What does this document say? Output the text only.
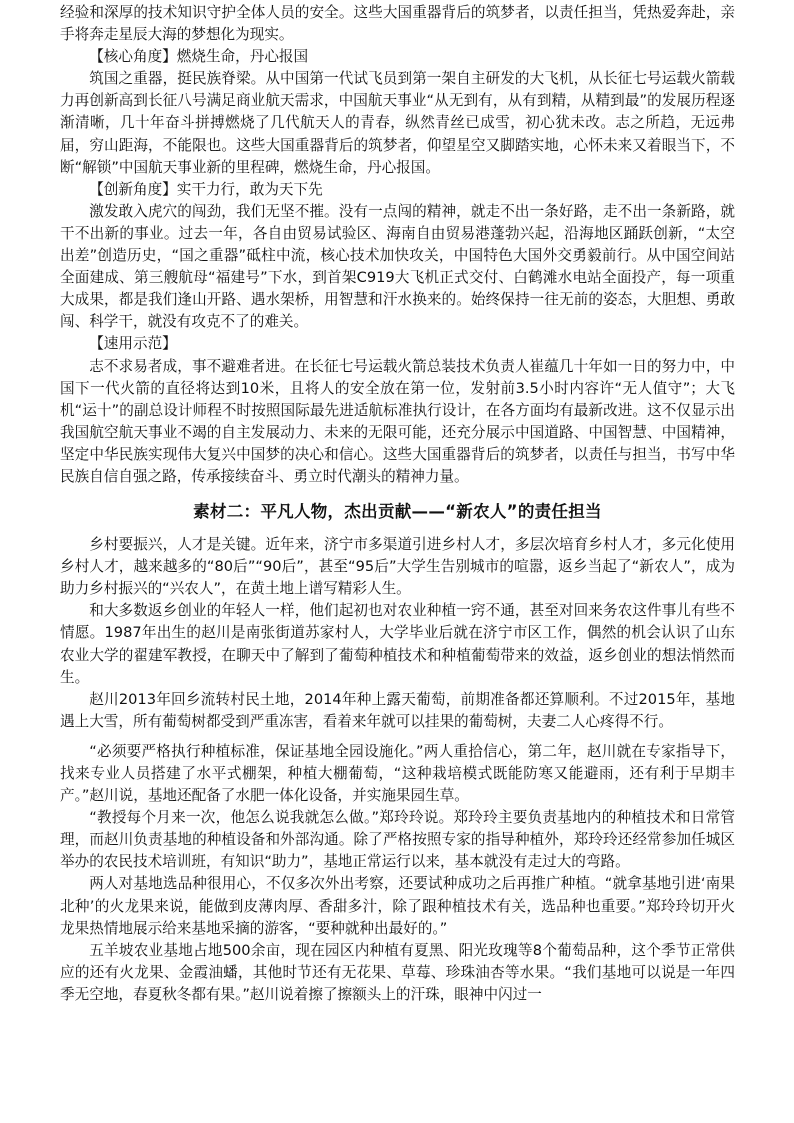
经验和深厚的技术知识守护全体人员的安全。这些大国重器背后的筑梦者，以责任担当，凭热爱奔赴，亲手将奔走星辰大海的梦想化为现实。

【核心角度】燃烧生命，丹心报国

筑国之重器，挺民族脊梁。从中国第一代试飞员到第一架自主研发的大飞机，从长征七号运载火箭载力再创新高到长征八号满足商业航天需求，中国航天事业“从无到有，从有到精，从精到最”的发展历程逐渐清晰，几十年奋斗拼搏燃烧了几代航天人的青春，纵然青丝已成雪，初心犹未改。志之所趋，无远弗届，穷山距海，不能限也。这些大国重器背后的筑梦者，仰望星空又脚踏实地，心怀未来又着眼当下，不断“解锁”中国航天事业新的里程碑，燃烧生命，丹心报国。

【创新角度】实干力行，敢为天下先

激发敢入虎穴的闯劲，我们无坚不摧。没有一点闯的精神，就走不出一条好路，走不出一条新路，就干不出新的事业。过去一年，各自由贸易试验区、海南自由贸易港蓬勃兴起，沿海地区踊跃创新，“太空出差”创造历史，“国之重器”砥柱中流，核心技术加快攻关，中国特色大国外交勇毅前行。从中国空间站全面建成、第三艘航母“福建号”下水，到首架C919大飞机正式交付、白鹤滩水电站全面投产，每一项重大成果，都是我们逢山开路、遇水架桥，用智慧和汗水换来的。始终保持一往无前的姿态，大胆想、勇敢闯、科学干，就没有攻克不了的难关。

【速用示范】

志不求易者成，事不避难者进。在长征七号运载火箭总装技术负责人崔蕴几十年如一日的努力中，中国下一代火箭的直径将达到10米，且将人的安全放在第一位，发射前3.5小时内容许“无人值守”；大飞机“运十”的副总设计师程不时按照国际最先进适航标准执行设计，在各方面均有最新改进。这不仅显示出我国航空航天事业不竭的自主发展动力、未来的无限可能，还充分展示中国道路、中国智慧、中国精神，坚定中华民族实现伟大复兴中国梦的决心和信心。这些大国重器背后的筑梦者，以责任与担当，书写中华民族自信自强之路，传承接续奋斗、勇立时代潮头的精神力量。

素材二：平凡人物，杰出贡献——“新农人”的责任担当

乡村要振兴，人才是关键。近年来，济宁市多渠道引进乡村人才，多层次培育乡村人才，多元化使用乡村人才，越来越多的“80后”“90后”，甚至“95后”大学生告别城市的喧嚣，返乡当起了“新农人”，成为助力乡村振兴的“兴农人”，在黄土地上谱写精彩人生。

和大多数返乡创业的年轻人一样，他们起初也对农业种植一窍不通，甚至对回来务农这件事儿有些不情愿。1987年出生的赵川是南张街道苏家村人，大学毕业后就在济宁市区工作，偶然的机会认识了山东农业大学的翟建军教授，在聊天中了解到了葡萄种植技术和种植葡萄带来的效益，返乡创业的想法悄然而生。

赵川2013年回乡流转村民土地，2014年种上露天葡萄，前期准备都还算顺利。不过2015年，基地遇上大雪，所有葡萄树都受到严重冻害，看着来年就可以挂果的葡萄树，夫妻二人心疼得不行。

“必须要严格执行种植标准，保证基地全园设施化。”两人重拾信心，第二年，赵川就在专家指导下，找来专业人员搭建了水平式棚架，种植大棚葡萄，“这种栽培模式既能防寒又能避雨，还有利于早期丰产。”赵川说，基地还配备了水肥一体化设备，并实施果园生草。

“教授每个月来一次，他怎么说我就怎么做。”郑玲玲说。郑玲玲主要负责基地内的种植技术和日常管理，而赵川负责基地的种植设备和外部沟通。除了严格按照专家的指导种植外，郑玲玲还经常参加任城区举办的农民技术培训班，有知识“助力”，基地正常运行以来，基本就没有走过大的弯路。

两人对基地选品种很用心，不仅多次外出考察，还要试种成功之后再推广种植。“就拿基地引进‘南果北种’的火龙果来说，能做到皮薄肉厚、香甜多汁，除了跟种植技术有关，选品种也重要。”郑玲玲切开火龙果热情地展示给来基地采摘的游客，“要种就种出最好的。”

五羊坡农业基地占地500余亩，现在园区内种植有夏黑、阳光玫瑰等8个葡萄品种，这个季节正常供应的还有火龙果、金霞油蟠，其他时节还有无花果、草莓、珍珠油杏等水果。“我们基地可以说是一年四季无空地，春夏秋冬都有果。”赵川说着擦了擦额头上的汗珠，眼神中闪过一
